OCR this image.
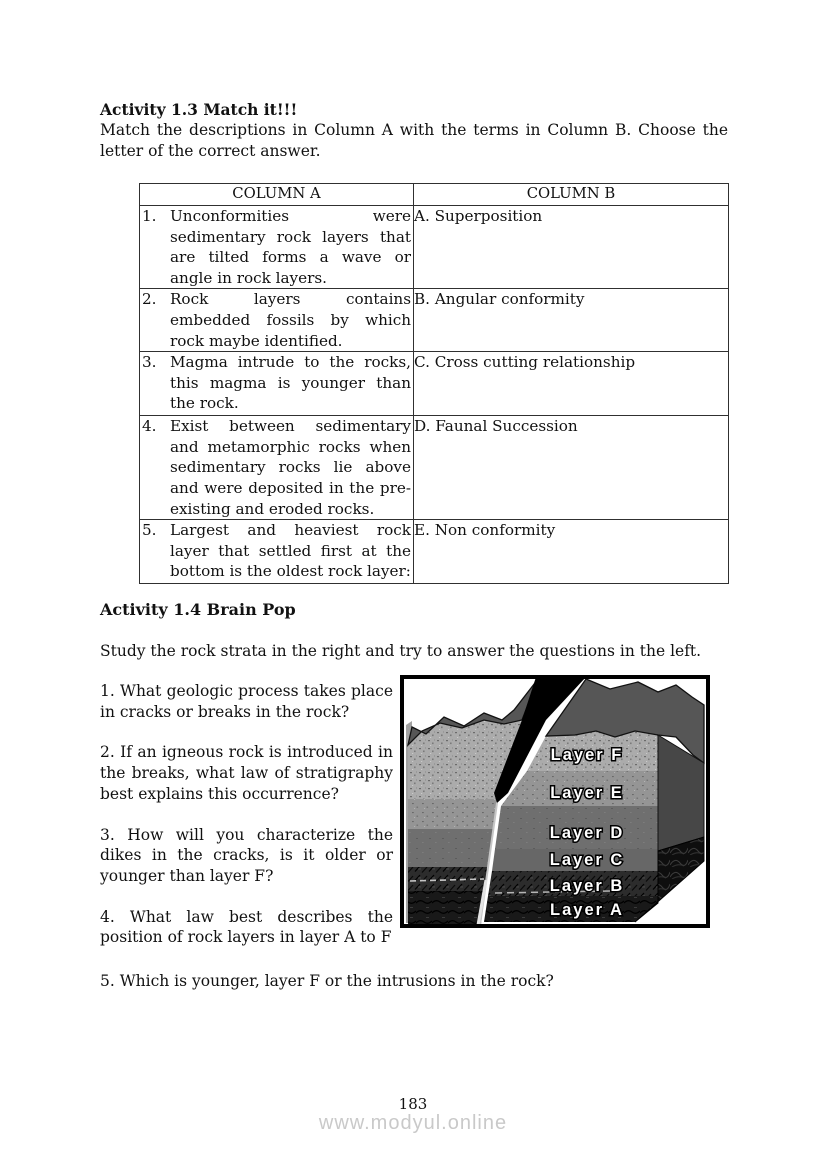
Activity 1.3 Match it!!!
Match the descriptions in Column A with the terms in Column B. Choose the letter of the correct answer.
COLUMN A	COLUMN B

1. Unconformities were sedimentary rock layers that are tilted forms a wave or angle in rock layers.	A. Superposition

2. Rock layers contains embedded fossils by which rock maybe identified.	B. Angular conformity

3. Magma intrude to the rocks, this magma is younger than the rock.	C. Cross cutting relationship

4. Exist between sedimentary and metamorphic rocks when sedimentary rocks lie above and were deposited in the pre-existing and eroded rocks.	D. Faunal Succession

5. Largest and heaviest rock layer that settled first at the bottom is the oldest rock layer:	E. Non conformity
Activity 1.4 Brain Pop
Study the rock strata in the right and try to answer the questions in the left.
1. What geologic process takes place in cracks or breaks in the rock?
2. If an igneous rock is introduced in the breaks, what law of stratigraphy best explains this occurrence?
3. How will you characterize the dikes in the cracks, is it older or younger than layer F?
4. What law best describes the position of rock layers in layer A to F
5. Which is younger, layer F or the intrusions in the rock?
Layer F
Layer E
Layer D
Layer C
Layer B
Layer A
183
www.modyul.online
